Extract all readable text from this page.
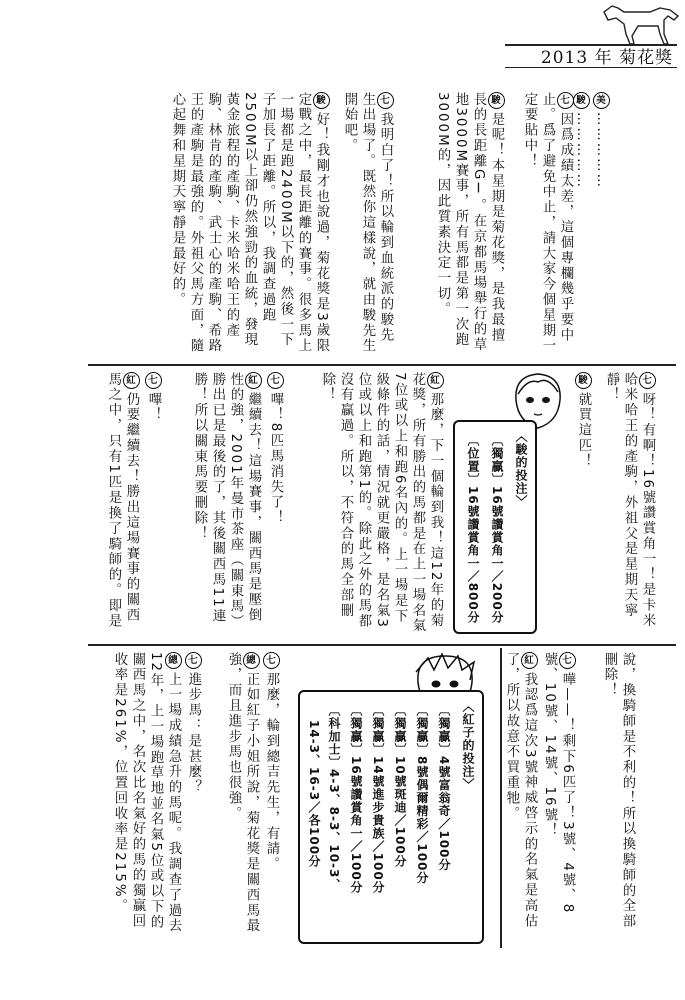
2013 年 菊花獎
美……………
駿……………
七因爲成績太差，這個專欄幾乎要中止。爲了避免中止，請大家今個星期一定要貼中！
駿是呢！本星期是菊花獎，是我最擅長的長距離GⅠ。在京都馬場舉行的草地3000M賽事，所有馬都是第一次跑3000M的，因此質素決定一切。
七我明白了！所以輪到血統派的駿先生出場了。既然你這樣說，就由駿先生開始吧。
駿好！我剛才也說過，菊花獎是3歲限定戰之中，最長距離的賽事。很多馬上一場都是跑2400M以下的，然後一下子加長了距離。所以，我調查過跑2500M以上卻仍然強勁的血統，發現黃金旅程的產駒、卡米哈米哈王的產駒、林肯的產駒、武士心的產駒、希路王的產駒是最強的。外祖父馬方面，隨心起舞和星期天寧靜是最好的。
七呀！有啊！16號讚賞角一！是卡米哈米哈王的產駒，外祖父是星期天寧靜！
駿就買這匹！
〈駿的投注〉
〔獨贏〕16號讚賞角一／200分
〔位置〕16號讚賞角一／800分
紅那麼，下一個輪到我！這12年的菊花獎，所有勝出的馬都是在上一場名氣7位或以上和跑6名內的。上一場是下級條件的話，情況就更嚴格，是名氣3位或以上和跑第1的。除此之外的馬都沒有贏過。所以，不符合的馬全部刪除！
七嗶！8匹馬消失了！
紅繼續去！這場賽事，關西馬是壓倒性的強，2001年曼市茶座（關東馬）勝出已是最後的了，其後關西馬11連勝！所以關東馬要刪除！
七嗶！
紅仍要繼續去！勝出這場賽事的關西馬之中，只有1匹是換了騎師的。即是
說，換騎師是不利的！所以換騎師的全部刪除！
七嘩——！剩下6匹了！3號、4號、8號、10號、14號、16號！
紅我認爲這次3號神威啓示的名氣是高估了，所以故意不買重牠。
〈紅子的投注〉
〔獨贏〕4號富翁奇／100分
〔獨贏〕8號偶爾精彩／100分
〔獨贏〕10號斑迪／100分
〔獨贏〕14號進步貴族／100分
〔獨贏〕16號讚賞角一／100分
〔科加士〕4-3、8-3、10-3、
14-3、16-3／各100分
七那麼，輪到總吉先生，有請。
總正如紅子小姐所說，菊花獎是關西馬最強，而且進步馬也很強。
七進步馬：是甚麼？
總上一場成績急升的馬呢。我調查了過去12年，上一場跑草地並名氣5位或以下的關西馬之中，名次比名氣好的馬的獨贏回收率是261%，位置回收率是215%。
